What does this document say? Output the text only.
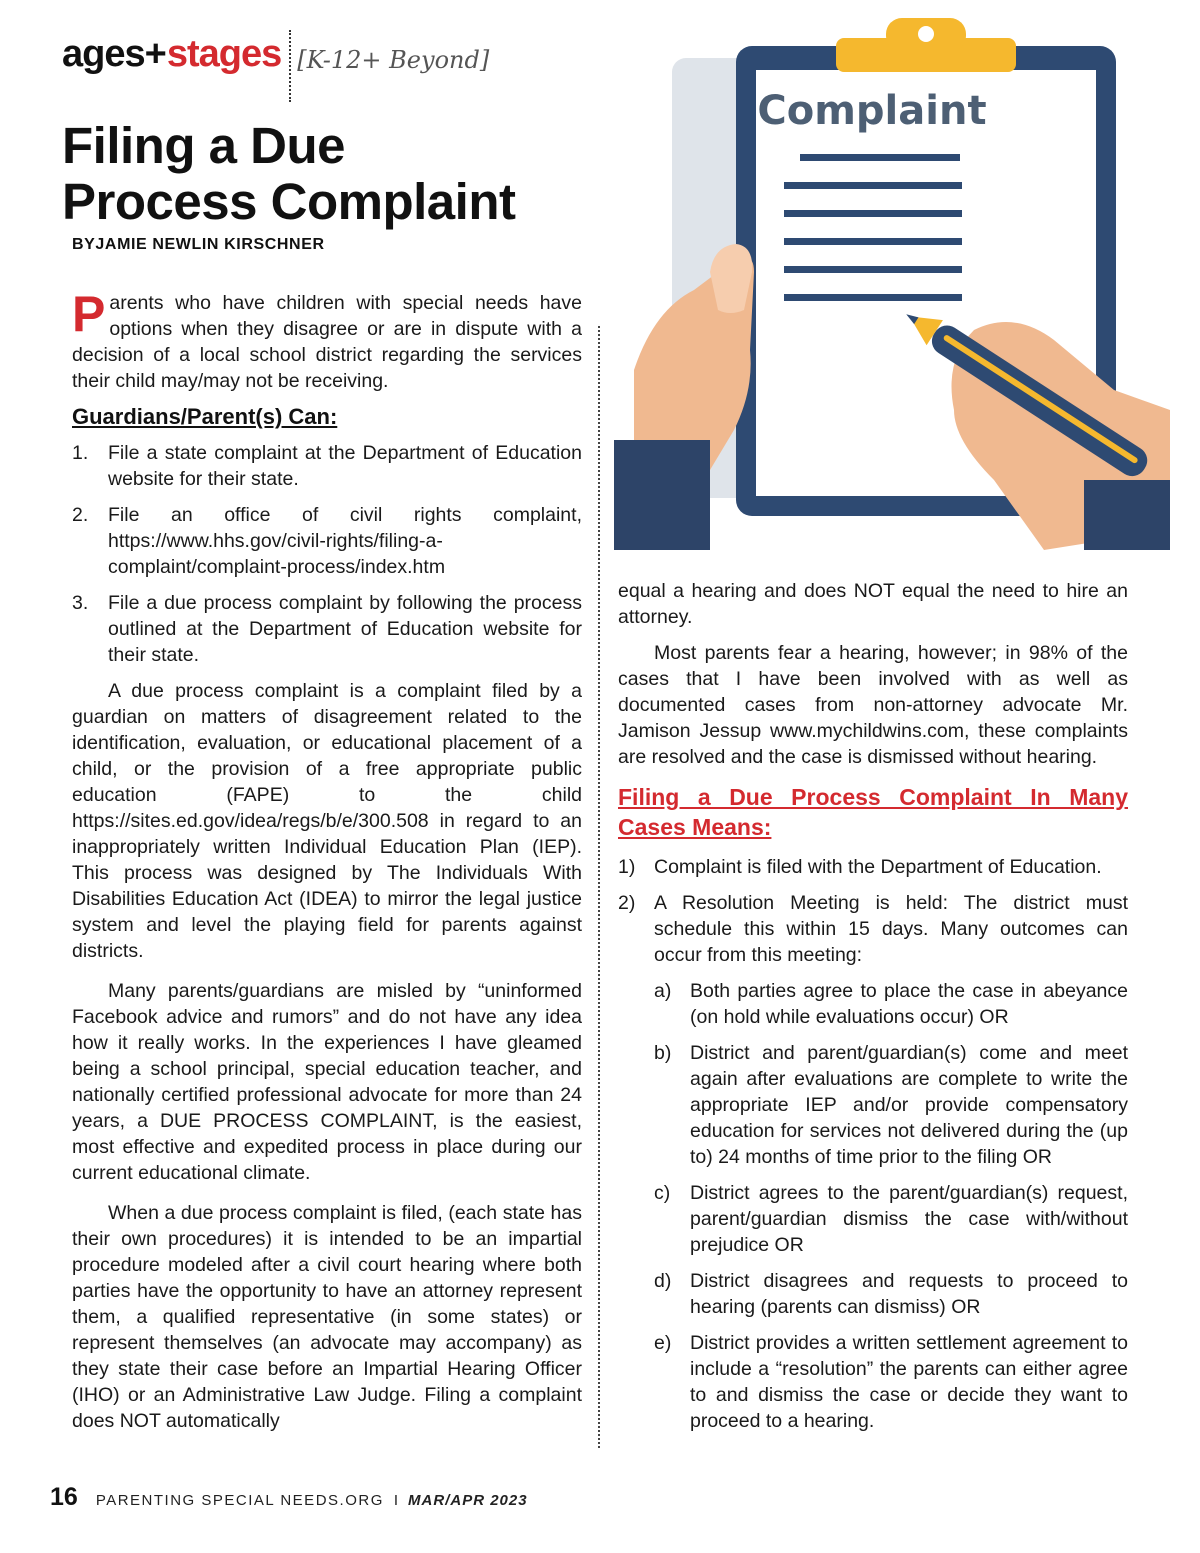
ages + stages [K-12+ Beyond]
Filing a Due
Process Complaint
BYJAMIE NEWLIN KIRSCHNER
Complaint

Parents who have children with special needs have options when they disagree or are in dispute with a decision of a local school district regarding the services their child may/may not be receiving.

Guardians/Parent(s) Can:
1.	File a state complaint at the Department of Education website for their state.
2.	File an office of civil rights complaint, https://www.hhs.gov/civil-rights/filing-a-complaint/complaint-process/index.htm
3.	File a due process complaint by following the process outlined at the Department of Education website for their state.

A due process complaint is a complaint filed by a guardian on matters of disagreement related to the identification, evaluation, or educational placement of a child, or the provision of a free appropriate public education (FAPE) to the child https://sites.ed.gov/idea/regs/b/e/300.508 in regard to an inappropriately written Individual Education Plan (IEP). This process was designed by The Individuals With Disabilities Education Act (IDEA) to mirror the legal justice system and level the playing field for parents against districts.

Many parents/guardians are misled by “uninformed Facebook advice and rumors” and do not have any idea how it really works. In the experiences I have gleamed being a school principal, special education teacher, and nationally certified professional advocate for more than 24 years, a DUE PROCESS COMPLAINT, is the easiest, most effective and expedited process in place during our current educational climate.

When a due process complaint is filed, (each state has their own procedures) it is intended to be an impartial procedure modeled after a civil court hearing where both parties have the opportunity to have an attorney represent them, a qualified representative (in some states) or represent themselves (an advocate may accompany) as they state their case before an Impartial Hearing Officer (IHO) or an Administrative Law Judge. Filing a complaint does NOT automatically

equal a hearing and does NOT equal the need to hire an attorney.

Most parents fear a hearing, however; in 98% of the cases that I have been involved with as well as documented cases from non-attorney advocate Mr. Jamison Jessup www.mychildwins.com, these complaints are resolved and the case is dismissed without hearing.

Filing a Due Process Complaint In Many Cases Means:
1) Complaint is filed with the Department of Education.
2) A Resolution Meeting is held: The district must schedule this within 15 days. Many outcomes can occur from this meeting:
a) Both parties agree to place the case in abeyance (on hold while evaluations occur) OR
b) District and parent/guardian(s) come and meet again after evaluations are complete to write the appropriate IEP and/or provide compensatory education for services not delivered during the (up to) 24 months of time prior to the filing OR
c)	District agrees to the parent/guardian(s) request, parent/guardian dismiss the case with/without prejudice OR
d) District disagrees and requests to proceed to hearing (parents can dismiss) OR
e) District provides a written settlement agreement to include a “resolution” the parents can either agree to and dismiss the case or decide they want to proceed to a hearing.
16 PARENTING SPECIAL NEEDS.ORG I MAR/APR 2023
